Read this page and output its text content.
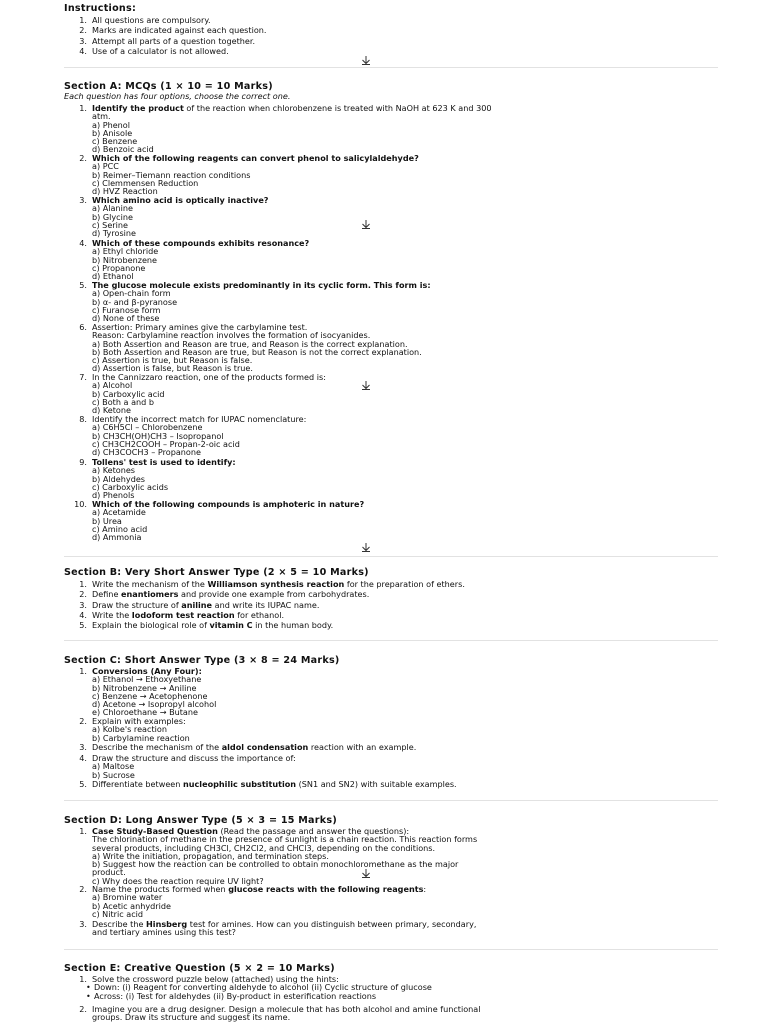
Instructions:
1. All questions are compulsory.
2. Marks are indicated against each question.
3. Attempt all parts of a question together.
4. Use of a calculator is not allowed.
Section A: MCQs (1 × 10 = 10 Marks)
Each question has four options, choose the correct one.
1. Identify the product of the reaction when chlorobenzene is treated with NaOH at 623 K and 300
atm.
a) Phenol
b) Anisole
c) Benzene
d) Benzoic acid
2. Which of the following reagents can convert phenol to salicylaldehyde?
a) PCC
b) Reimer–Tiemann reaction conditions
c) Clemmensen Reduction
d) HVZ Reaction
3. Which amino acid is optically inactive?
a) Alanine
b) Glycine
c) Serine
d) Tyrosine
4. Which of these compounds exhibits resonance?
a) Ethyl chloride
b) Nitrobenzene
c) Propanone
d) Ethanol
5. The glucose molecule exists predominantly in its cyclic form. This form is:
a) Open-chain form
b) α- and β-pyranose
c) Furanose form
d) None of these
6. Assertion: Primary amines give the carbylamine test.
Reason: Carbylamine reaction involves the formation of isocyanides.
a) Both Assertion and Reason are true, and Reason is the correct explanation.
b) Both Assertion and Reason are true, but Reason is not the correct explanation.
c) Assertion is true, but Reason is false.
d) Assertion is false, but Reason is true.
7. In the Cannizzaro reaction, one of the products formed is:
a) Alcohol
b) Carboxylic acid
c) Both a and b
d) Ketone
8. Identify the incorrect match for IUPAC nomenclature:
a) C6H5Cl – Chlorobenzene
b) CH3CH(OH)CH3 – Isopropanol
c) CH3CH2COOH – Propan-2-oic acid
d) CH3COCH3 – Propanone
9. Tollens' test is used to identify:
a) Ketones
b) Aldehydes
c) Carboxylic acids
d) Phenols
10. Which of the following compounds is amphoteric in nature?
a) Acetamide
b) Urea
c) Amino acid
d) Ammonia
Section B: Very Short Answer Type (2 × 5 = 10 Marks)
1. Write the mechanism of the Williamson synthesis reaction for the preparation of ethers.
2. Define enantiomers and provide one example from carbohydrates.
3. Draw the structure of aniline and write its IUPAC name.
4. Write the Iodoform test reaction for ethanol.
5. Explain the biological role of vitamin C in the human body.
Section C: Short Answer Type (3 × 8 = 24 Marks)
1. Conversions (Any Four):
a) Ethanol → Ethoxyethane
b) Nitrobenzene → Aniline
c) Benzene → Acetophenone
d) Acetone → Isopropyl alcohol
e) Chloroethane → Butane
2. Explain with examples:
a) Kolbe's reaction
b) Carbylamine reaction
3. Describe the mechanism of the aldol condensation reaction with an example.
4. Draw the structure and discuss the importance of:
a) Maltose
b) Sucrose
5. Differentiate between nucleophilic substitution (SN1 and SN2) with suitable examples.
Section D: Long Answer Type (5 × 3 = 15 Marks)
1. Case Study-Based Question (Read the passage and answer the questions):
The chlorination of methane in the presence of sunlight is a chain reaction. This reaction forms
several products, including CH3Cl, CH2Cl2, and CHCl3, depending on the conditions.
a) Write the initiation, propagation, and termination steps.
b) Suggest how the reaction can be controlled to obtain monochloromethane as the major
product.
c) Why does the reaction require UV light?
2. Name the products formed when glucose reacts with the following reagents:
a) Bromine water
b) Acetic anhydride
c) Nitric acid
3. Describe the Hinsberg test for amines. How can you distinguish between primary, secondary,
and tertiary amines using this test?
Section E: Creative Question (5 × 2 = 10 Marks)
1. Solve the crossword puzzle below (attached) using the hints:
• Down: (i) Reagent for converting aldehyde to alcohol (ii) Cyclic structure of glucose
• Across: (i) Test for aldehydes (ii) By-product in esterification reactions
2. Imagine you are a drug designer. Design a molecule that has both alcohol and amine functional
groups. Draw its structure and suggest its name.
